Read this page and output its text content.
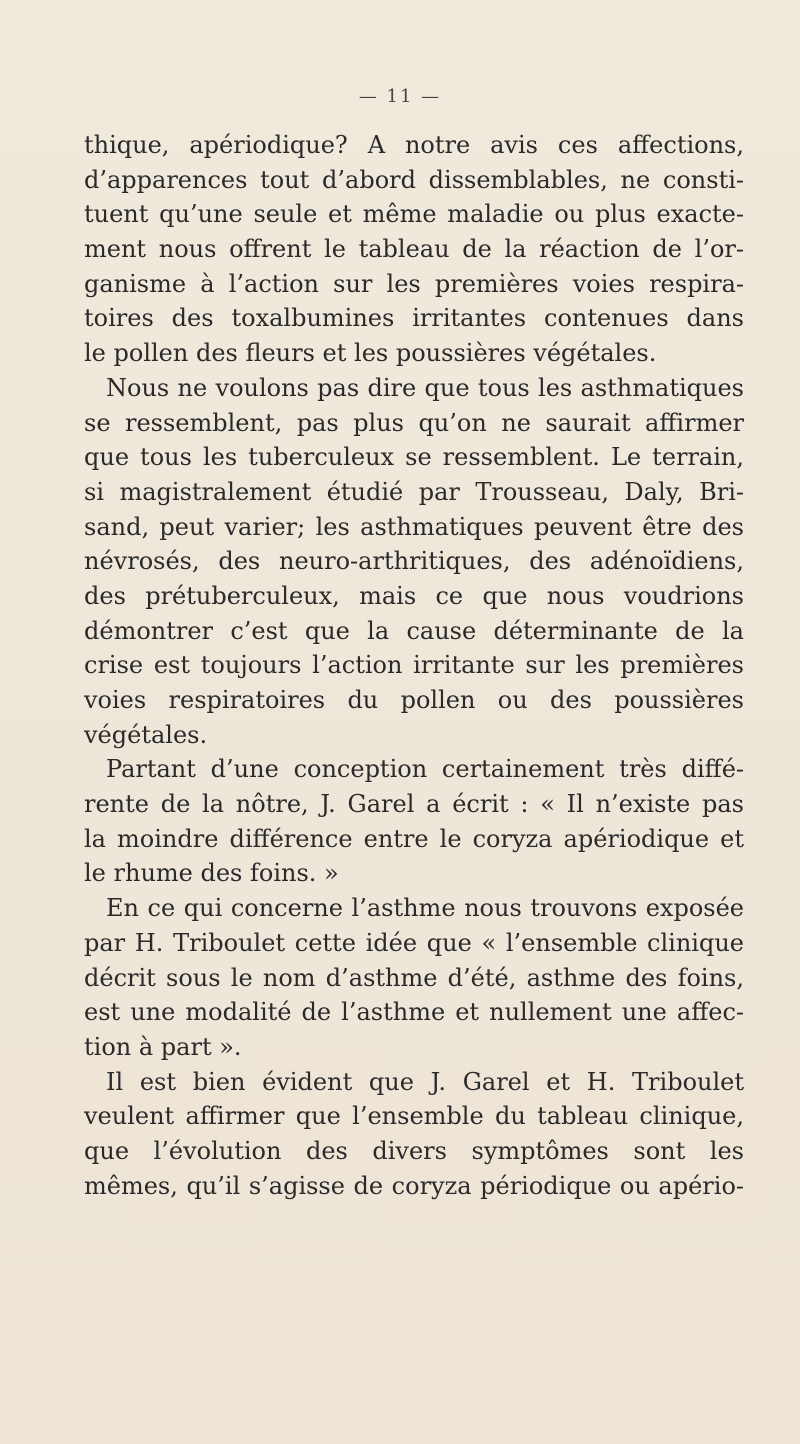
— 11 —
thique, apériodique? A notre avis ces affections,
d’apparences tout d’abord dissemblables, ne consti-
tuent qu’une seule et même maladie ou plus exacte-
ment nous offrent le tableau de la réaction de l’or-
ganisme à l’action sur les premières voies respira-
toires des toxalbumines irritantes contenues dans
le pollen des fleurs et les poussières végétales.
Nous ne voulons pas dire que tous les asthmatiques
se ressemblent, pas plus qu’on ne saurait affirmer
que tous les tuberculeux se ressemblent. Le terrain,
si magistralement étudié par Trousseau, Daly, Bri-
sand, peut varier; les asthmatiques peuvent être des
névrosés, des neuro-arthritiques, des adénoïdiens,
des prétuberculeux, mais ce que nous voudrions
démontrer c’est que la cause déterminante de la
crise est toujours l’action irritante sur les premières
voies respiratoires du pollen ou des poussières
végétales.
Partant d’une conception certainement très diffé-
rente de la nôtre, J. Garel a écrit : « Il n’existe pas
la moindre différence entre le coryza apériodique et
le rhume des foins. »
En ce qui concerne l’asthme nous trouvons exposée
par H. Triboulet cette idée que « l’ensemble clinique
décrit sous le nom d’asthme d’été, asthme des foins,
est une modalité de l’asthme et nullement une affec-
tion à part ».
Il est bien évident que J. Garel et H. Triboulet
veulent affirmer que l’ensemble du tableau clinique,
que l’évolution des divers symptômes sont les
mêmes, qu’il s’agisse de coryza périodique ou apério-
